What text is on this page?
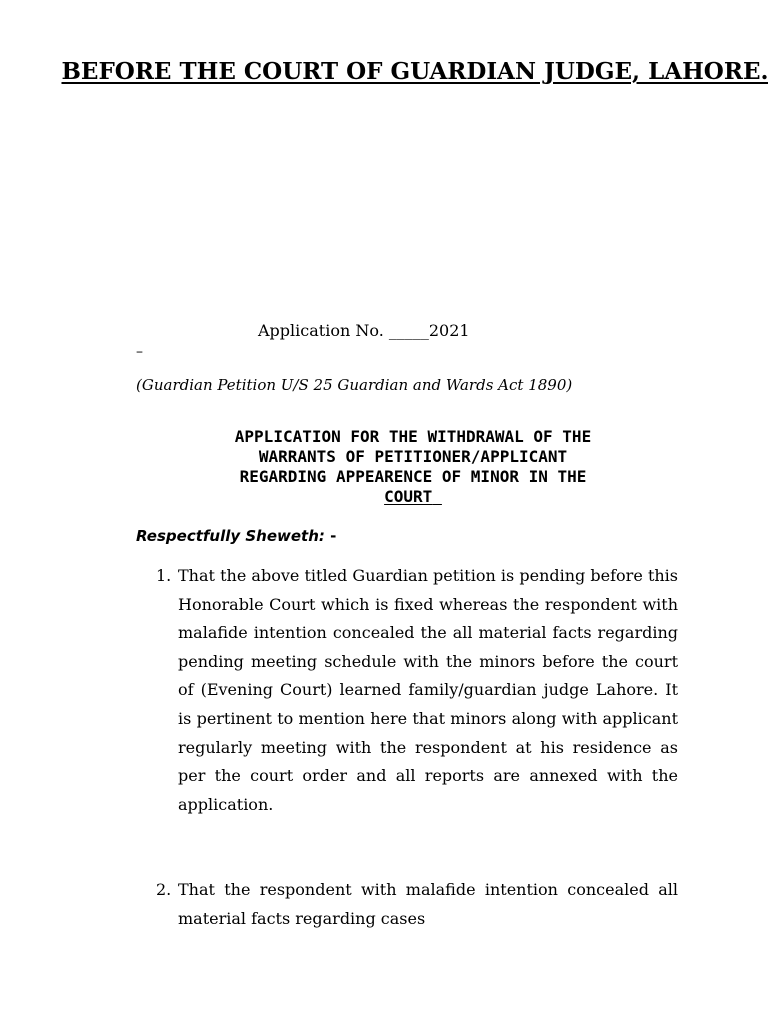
BEFORE THE COURT OF GUARDIAN JUDGE, LAHORE.
Application No. _____2021
–
(Guardian Petition U/S 25 Guardian and Wards Act 1890)
APPLICATION FOR THE WITHDRAWAL OF THE
WARRANTS OF PETITIONER/APPLICANT
REGARDING APPEARENCE OF MINOR IN THE
COURT
Respectfully Sheweth: -
1. That the above titled Guardian petition is pending before this Honorable Court which is fixed whereas the respondent with malafide intention concealed the all material facts regarding pending meeting schedule with the minors before the court of (Evening Court) learned family/guardian judge Lahore. It is pertinent to mention here that minors along with applicant regularly meeting with the respondent at his residence as per the court order and all reports are annexed with the application.
2. That the respondent with malafide intention concealed all material facts regarding cases
